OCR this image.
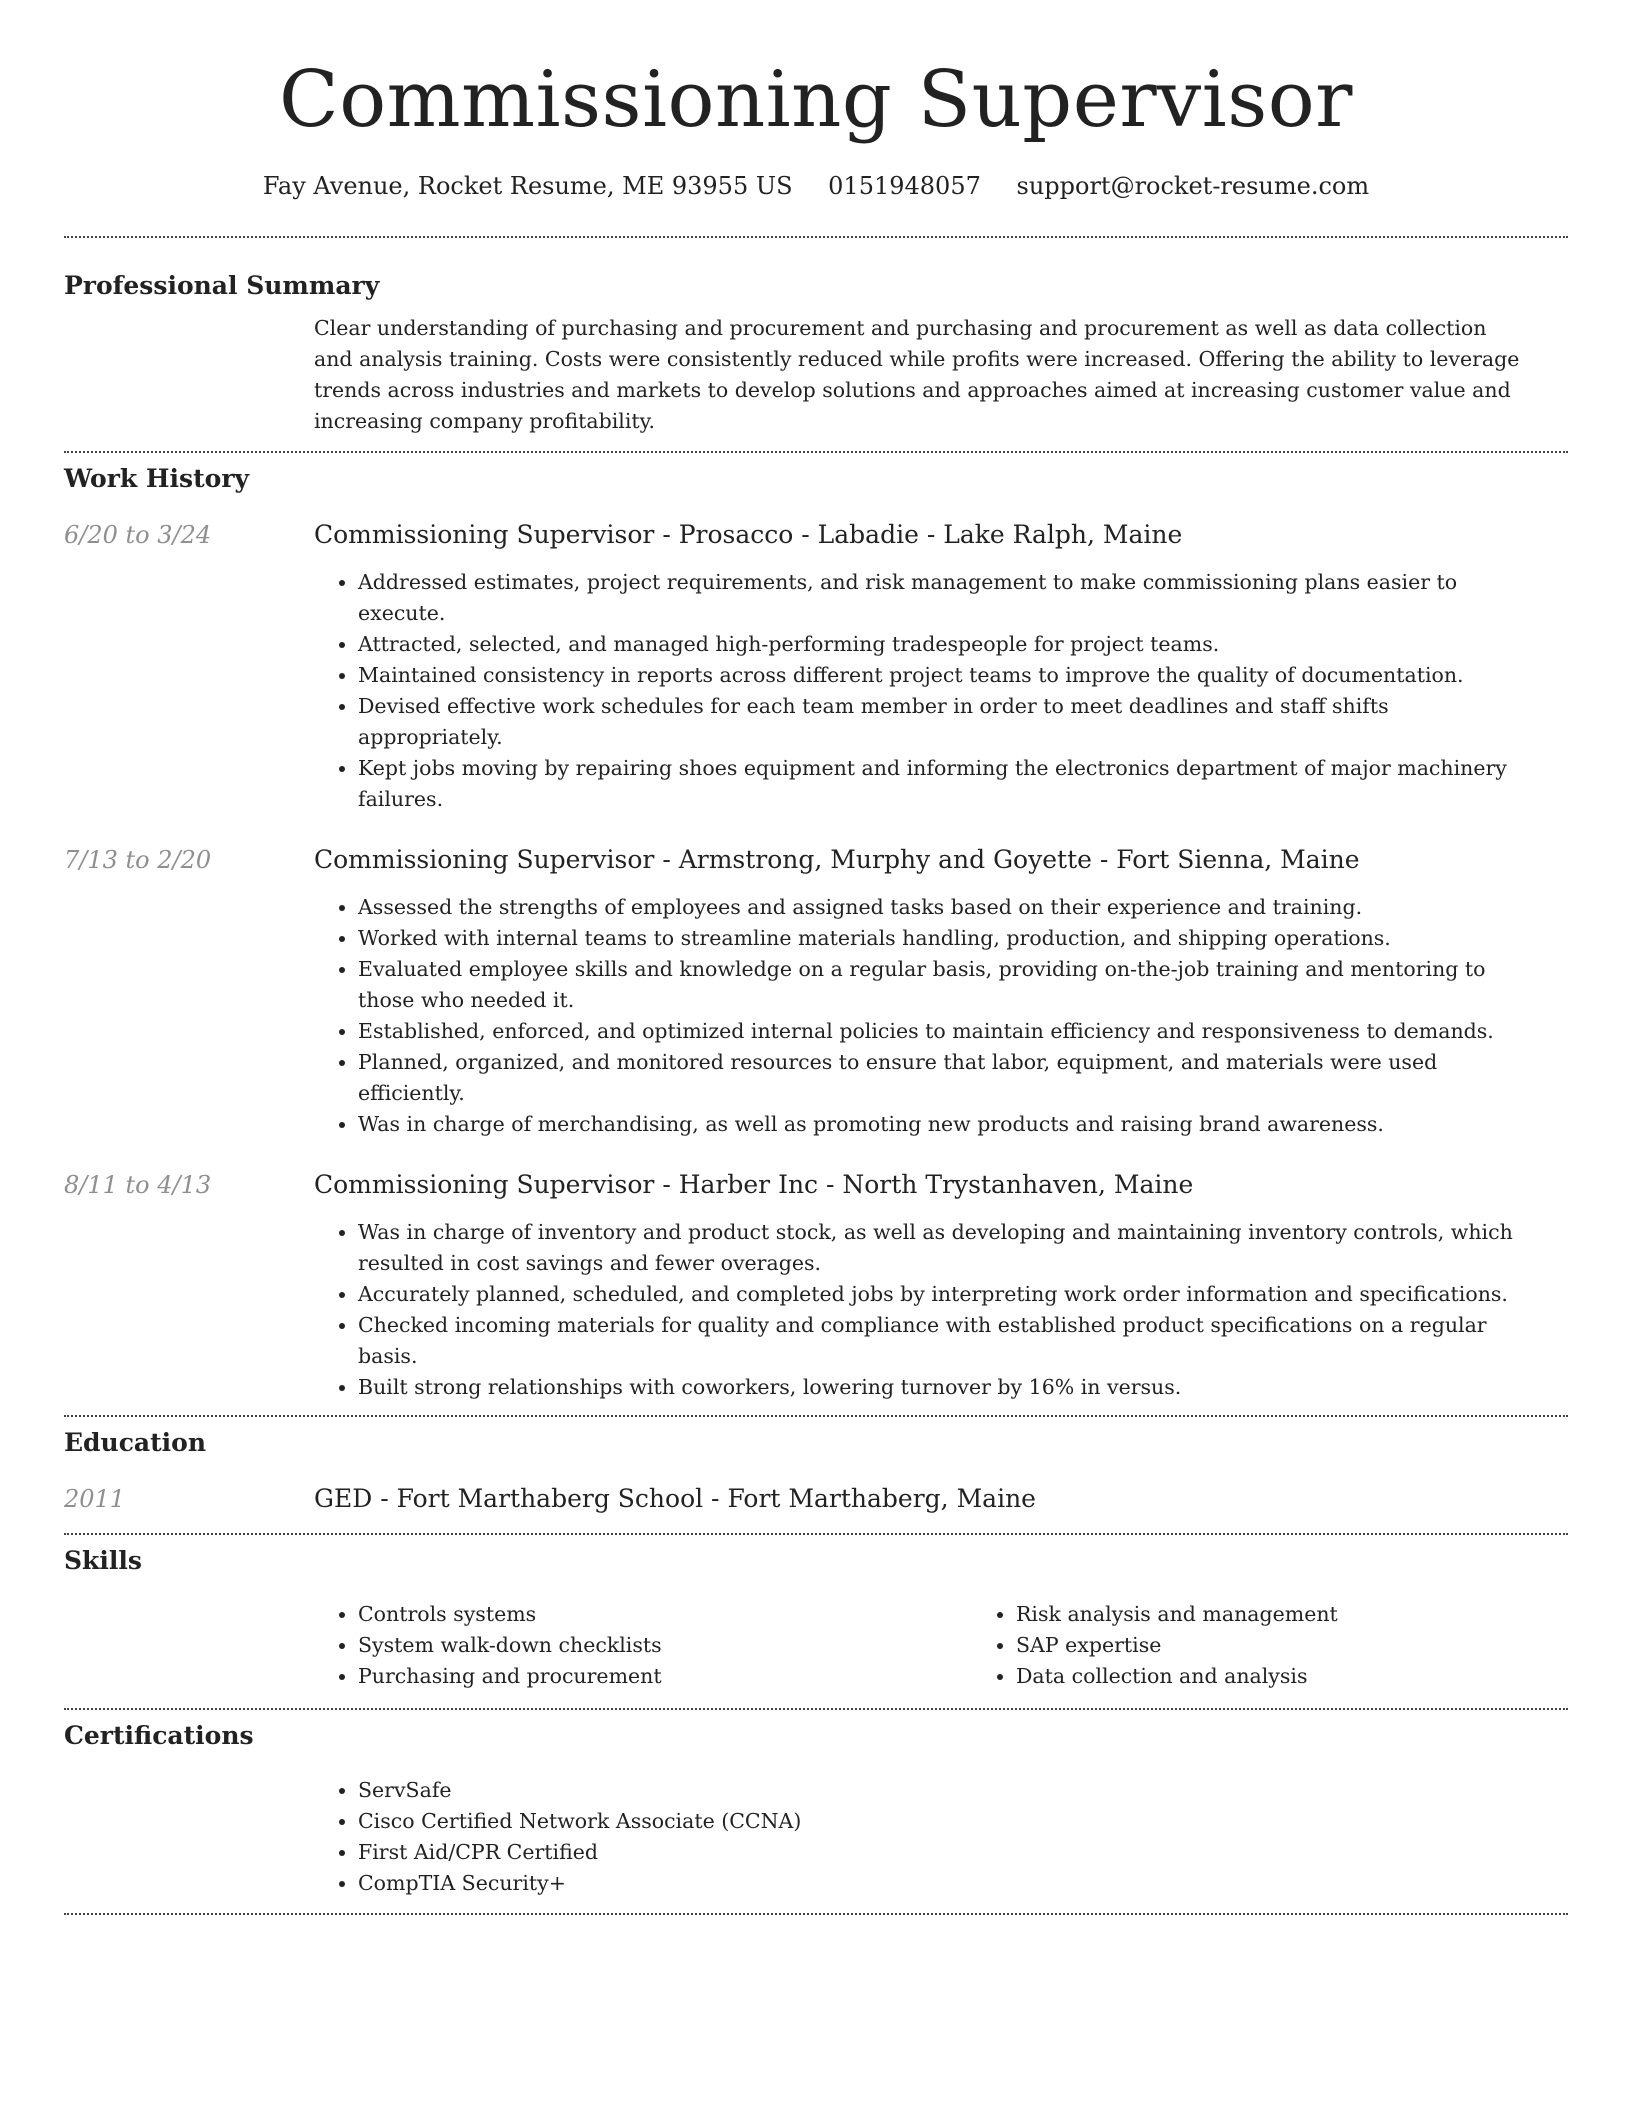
Commissioning Supervisor
Fay Avenue, Rocket Resume, ME 93955 US 0151948057 support@rocket-resume.com
Professional Summary
Clear understanding of purchasing and procurement and purchasing and procurement as well as data collection and analysis training. Costs were consistently reduced while profits were increased. Offering the ability to leverage trends across industries and markets to develop solutions and approaches aimed at increasing customer value and increasing company profitability.
Work History
6/20 to 3/24	Commissioning Supervisor - Prosacco - Labadie - Lake Ralph, Maine
• Addressed estimates, project requirements, and risk management to make commissioning plans easier to execute.
• Attracted, selected, and managed high-performing tradespeople for project teams.
• Maintained consistency in reports across different project teams to improve the quality of documentation.
• Devised effective work schedules for each team member in order to meet deadlines and staff shifts appropriately.
• Kept jobs moving by repairing shoes equipment and informing the electronics department of major machinery failures.
7/13 to 2/20	Commissioning Supervisor - Armstrong, Murphy and Goyette - Fort Sienna, Maine
• Assessed the strengths of employees and assigned tasks based on their experience and training.
• Worked with internal teams to streamline materials handling, production, and shipping operations.
• Evaluated employee skills and knowledge on a regular basis, providing on-the-job training and mentoring to those who needed it.
• Established, enforced, and optimized internal policies to maintain efficiency and responsiveness to demands.
• Planned, organized, and monitored resources to ensure that labor, equipment, and materials were used efficiently.
• Was in charge of merchandising, as well as promoting new products and raising brand awareness.
8/11 to 4/13	Commissioning Supervisor - Harber Inc - North Trystanhaven, Maine
• Was in charge of inventory and product stock, as well as developing and maintaining inventory controls, which resulted in cost savings and fewer overages.
• Accurately planned, scheduled, and completed jobs by interpreting work order information and specifications.
• Checked incoming materials for quality and compliance with established product specifications on a regular basis.
• Built strong relationships with coworkers, lowering turnover by 16% in versus.
Education
2011	GED - Fort Marthaberg School - Fort Marthaberg, Maine
Skills
• Controls systems
• System walk-down checklists
• Purchasing and procurement
• Risk analysis and management
• SAP expertise
• Data collection and analysis
Certifications
• ServSafe
• Cisco Certified Network Associate (CCNA)
• First Aid/CPR Certified
• CompTIA Security+
